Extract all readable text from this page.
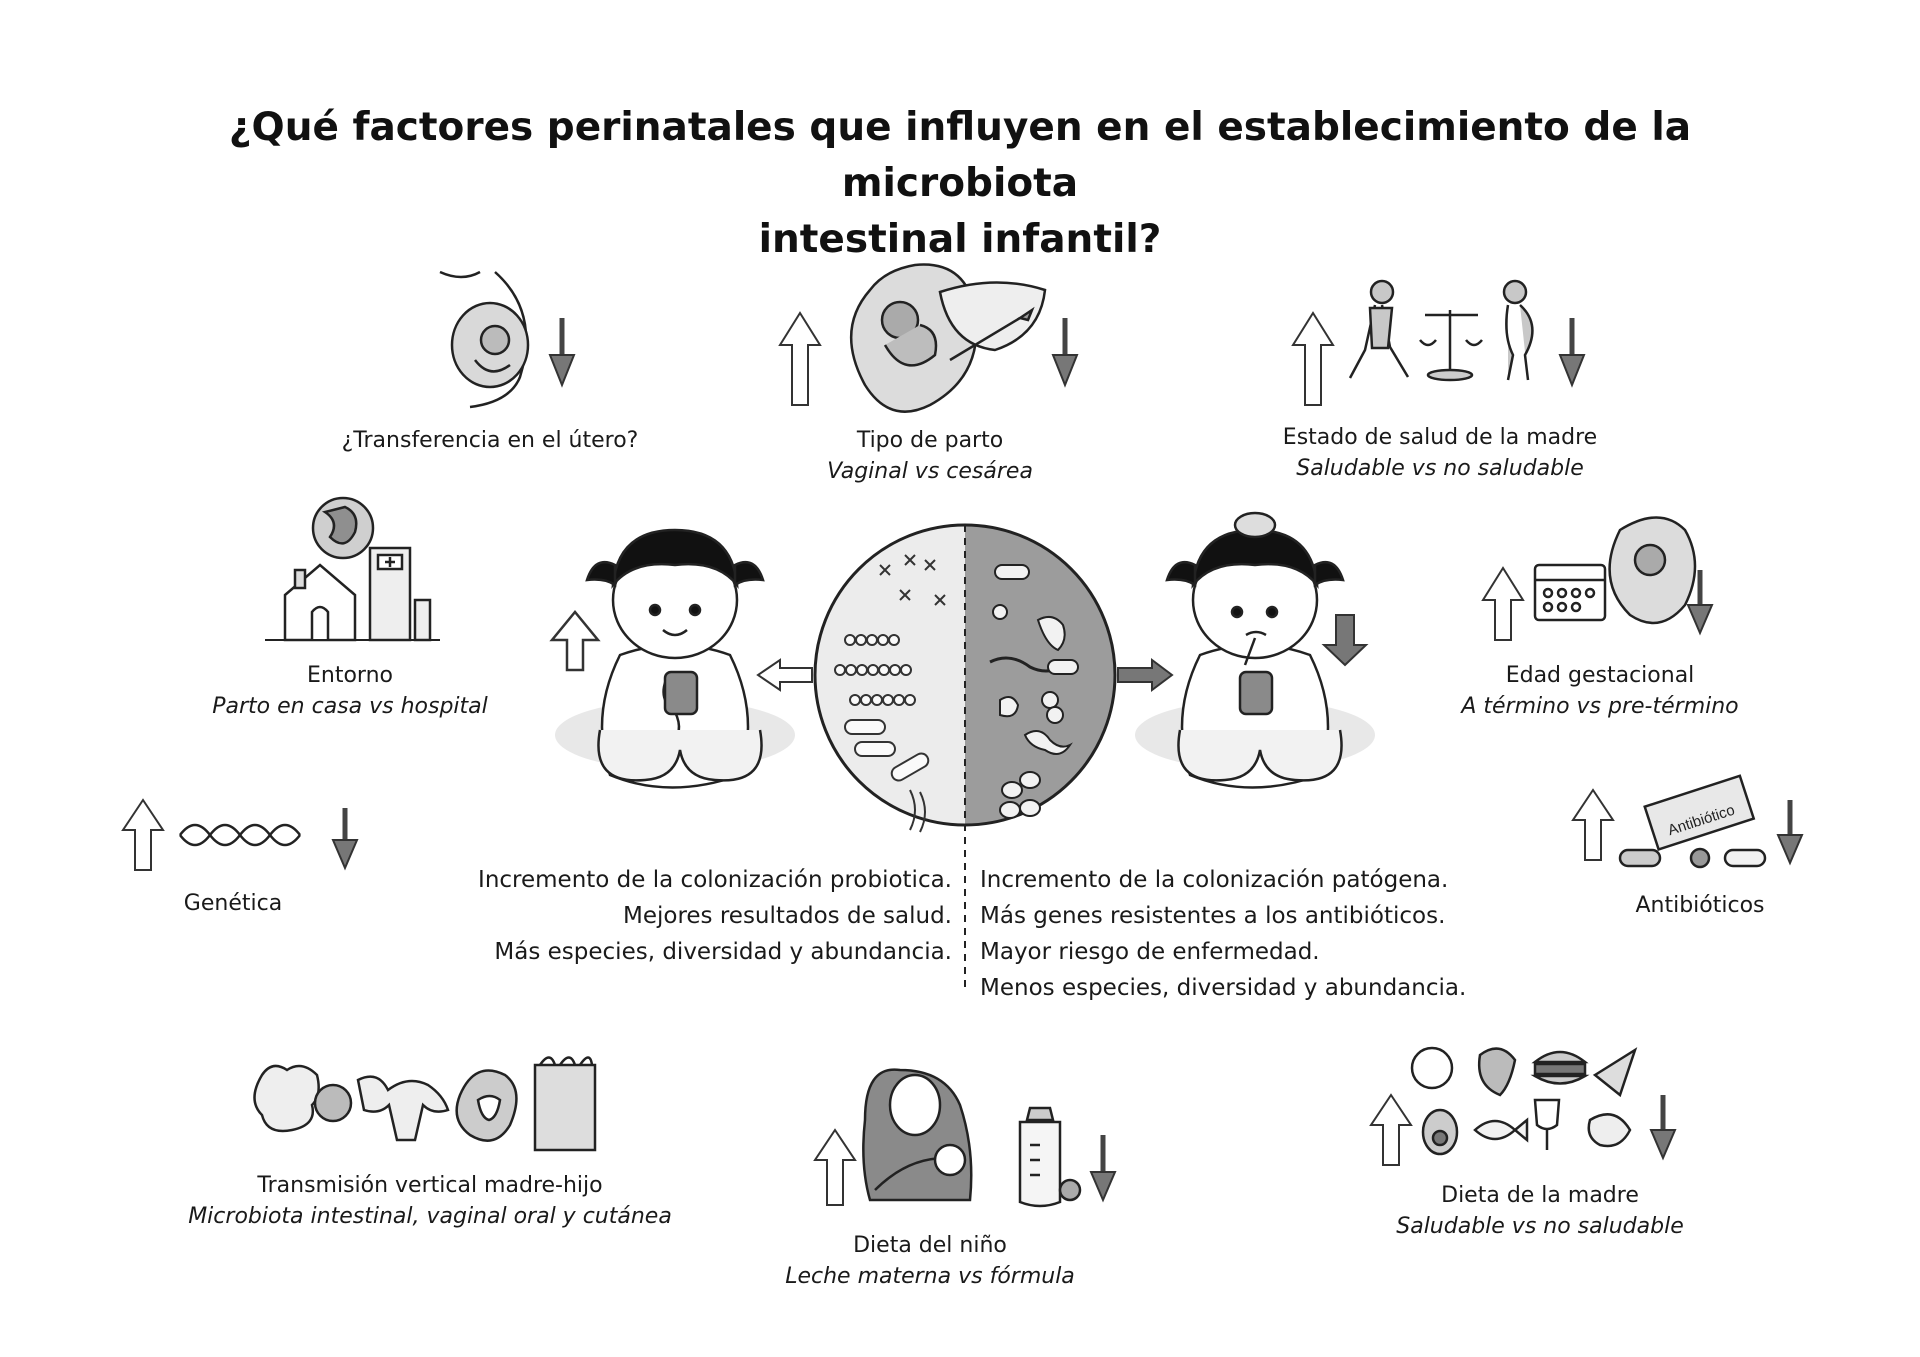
¿Qué factores perinatales que influyen en el establecimiento de la microbiota
intestinal infantil?
Antibiótico
¿Transferencia en el útero?	Tipo de parto
Vaginal vs cesárea
Estado de salud de la madre
Saludable vs no saludable
Entorno
Parto en casa vs hospital
Edad gestacional
A término vs pre-término
Genética	Antibióticos
Transmisión vertical madre-hijo
Microbiota intestinal, vaginal oral y cutánea
Dieta del niño
Leche materna vs fórmula
Dieta de la madre
Saludable vs no saludable
Incremento de la colonización probiotica.
Mejores resultados de salud.
Más especies, diversidad y abundancia.
Incremento de la colonización patógena.
Más genes resistentes a los antibióticos.
Mayor riesgo de enfermedad.
Menos especies, diversidad y abundancia.
